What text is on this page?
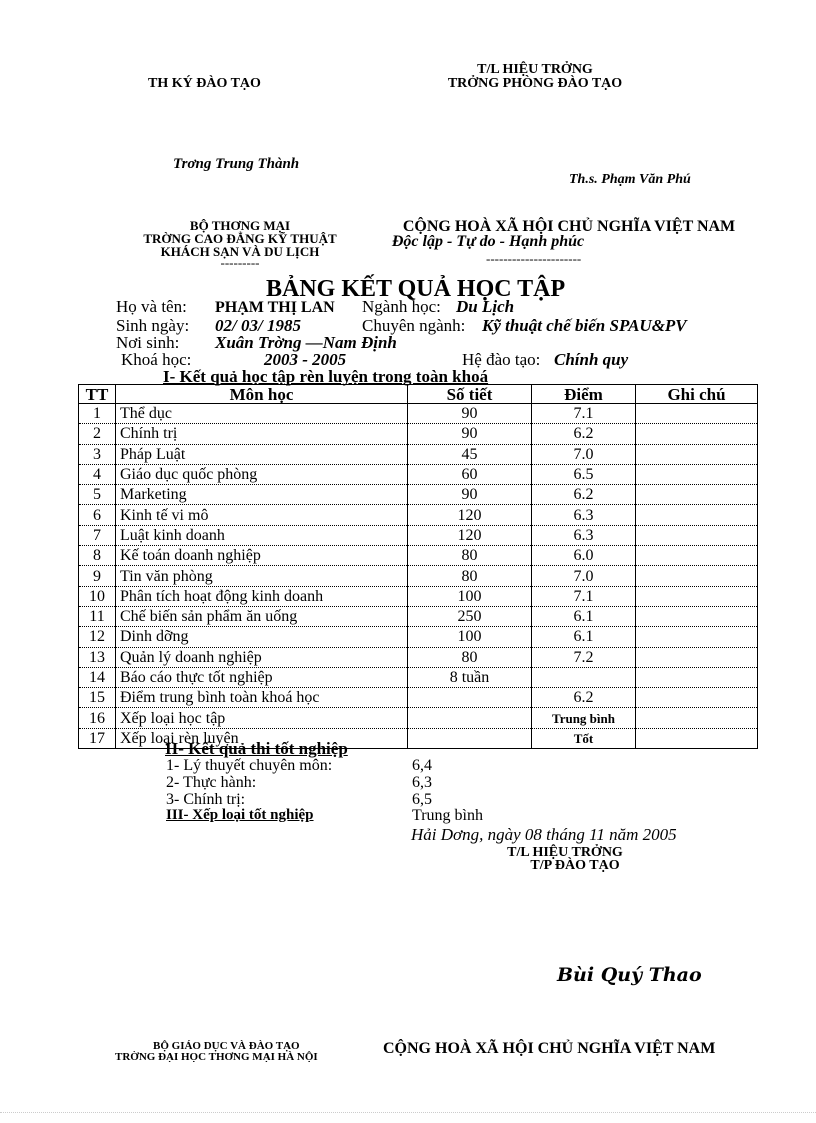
TH KÝ ĐÀO TẠO
T/L HIỆU TRỞNG
TRỞNG PHÒNG ĐÀO TẠO
Trơng Trung Thành
Th.s. Phạm Văn Phú
BỘ THƠNG MẠI
TRỜNG CAO ĐẲNG KỸ THUẬT
KHÁCH SẠN VÀ DU LỊCH
---------
CỘNG HOÀ XÃ HỘI CHỦ NGHĨA VIỆT NAM
Độc lập - Tự do - Hạnh phúc
----------------------
BẢNG KẾT QUẢ HỌC TẬP
Họ và tên: PHẠM THỊ LAN Ngành học: Du Lịch
Sinh ngày: 02/ 03/ 1985	Chuyên ngành: Kỹ thuật chế biến SPAU&PV
Nơi sinh: Xuân Trờng —Nam Định
Khoá học:	2003 - 2005	Hệ đào tạo: Chính quy
I- Kết quả học tập rèn luyện trong toàn khoá
TT	Môn học	Số tiết	Điểm	Ghi chú
1	Thể dục	90	7.1	
2	Chính trị	90	6.2	
3	Pháp Luật	45	7.0	
4	Giáo dục quốc phòng	60	6.5	
5	Marketing	90	6.2	
6	Kinh tế vi mô	120	6.3	
7	Luật kinh doanh	120	6.3	
8	Kế toán doanh nghiệp	80	6.0	
9	Tin văn phòng	80	7.0	
10	Phân tích hoạt động kinh doanh	100	7.1	
11	Chế biến sản phẩm ăn uống	250	6.1	
12	Dinh dỡng	100	6.1	
13	Quản lý doanh nghiệp	80	7.2	
14	Báo cáo thực tốt nghiệp	8 tuần		
15	Điểm trung bình toàn khoá học		6.2	
16	Xếp loại học tập		Trung bình	
17	Xếp loại rèn luyện		Tốt	
II- Kết quả thi tốt nghiệp
1- Lý thuyết chuyên môn:	6,4
2- Thực hành:	6,3
3- Chính trị:	6,5
III- Xếp loại tốt nghiệp	Trung bình
Hải Dơng, ngày 08 tháng 11 năm 2005
T/L HIỆU TRỞNG
T/P ĐÀO TẠO
Bùi Quý Thao
BỘ GIÁO DỤC VÀ ĐÀO TẠO
TRỜNG ĐẠI HỌC THƠNG MẠI HÀ NỘI	CỘNG HOÀ XÃ HỘI CHỦ NGHĨA VIỆT NAM
